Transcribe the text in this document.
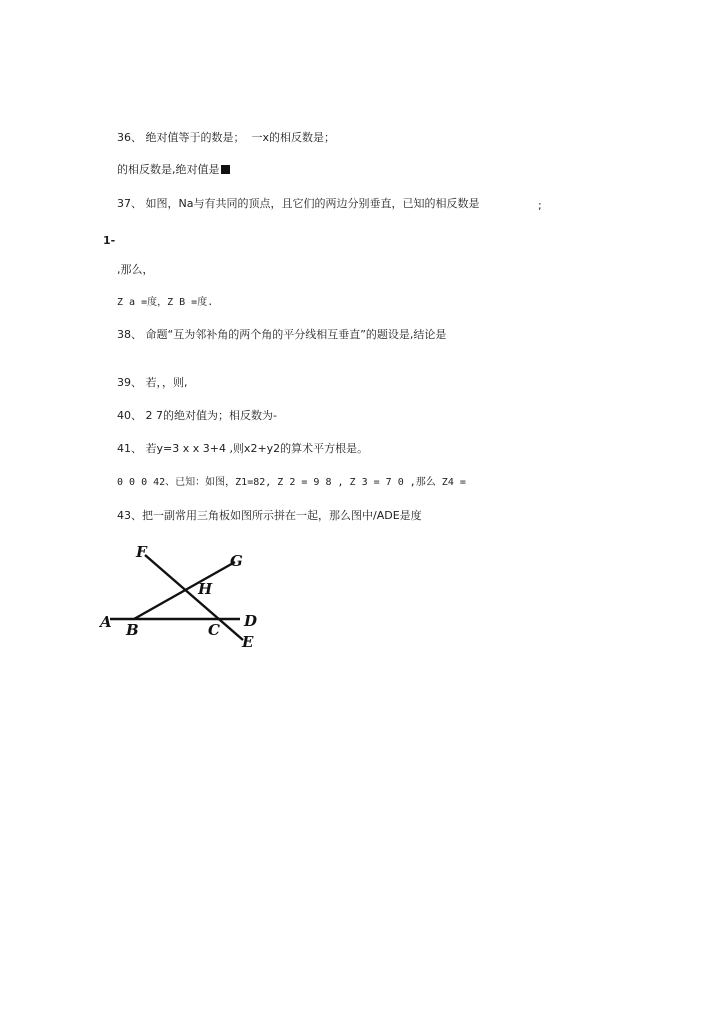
36、 绝对值等于的数是；  一x的相反数是；
的相反数是,绝对值是
37、 如图，Na与有共同的顶点，且它们的两边分别垂直，已知的相反数是	;
1-
,那么，
Z a =度，Z B =度.
38、 命题“互为邻补角的两个角的平分线相互垂直”的题设是,结论是
39、 若，，则,
40、 2 7的绝对值为；相反数为-
41、 若y=3 x x 3+4 ,则x2+y2的算术平方根是。
0 0 0 42、已知：如图，Z1=82, Z 2 = 9 8 , Z 3 = 7 0 ,那么 Z4 =
43、把一副常用三角板如图所示拼在一起，那么图中/ADE是度
F	G
H
A B	C D
E
